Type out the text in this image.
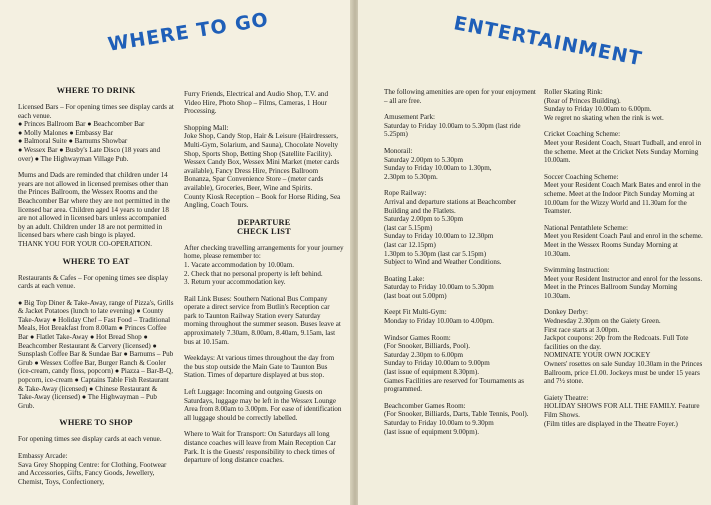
WHERE TO GO
WHERE TO DRINK

Licensed Bars – For opening times see display cards at each venue.
● Princes Ballroom Bar ● Beachcomber Bar
● Molly Malones ● Embassy Bar
● Balmoral Suite ● Barnums Showbar
● Wessex Bar ● Busby's Late Disco (18 years and over) ● The Highwayman Village Pub.

Mums and Dads are reminded that children under 14 years are not allowed in licensed premises other than the Princes Ballroom, the Wessex Rooms and the Beachcomber Bar where they are not permitted in the licensed bar area. Children aged 14 years to under 18 are not allowed in licensed bars unless accompanied by an adult. Children under 18 are not permitted in licensed bars where cash bingo is played.
THANK YOU FOR YOUR CO-OPERATION.

WHERE TO EAT

Restaurants & Cafes – For opening times see display cards at each venue.

● Big Top Diner & Take-Away, range of Pizza's, Grills & Jacket Potatoes (lunch to late evening) ● County Take-Away ● Holiday Chef – Fast Food – Traditional Meals, Hot Breakfast from 8.00am ● Princes Coffee Bar ● Flatlet Take-Away ● Hot Bread Shop ● Beachcomber Restaurant & Carvery (licensed) ● Sunsplash Coffee Bar & Sundae Bar ● Barnums – Pub Grub ● Wessex Coffee Bar, Burger Ranch & Cooler (ice-cream, candy floss, popcorn) ● Piazza – Bar-B-Q, popcorn, ice-cream ● Captains Table Fish Restaurant & Take-Away (licensed) ● Chinese Restaurant & Take-Away (licensed) ● The Highwayman – Pub Grub.

WHERE TO SHOP

For opening times see display cards at each venue.

Embassy Arcade:
Sava Grey Shopping Centre: for Clothing, Footwear and Accessories, Gifts, Fancy Goods, Jewellery, Chemist, Toys, Confectionery,

Furry Friends, Electrical and Audio Shop, T.V. and Video Hire, Photo Shop – Films, Cameras, 1 Hour Processing.

Shopping Mall:
Joke Shop, Candy Stop, Hair & Leisure (Hairdressers, Multi-Gym, Solarium, and Sauna), Chocolate Novelty Shop, Sports Shop, Betting Shop (Satellite Facility). Wessex Candy Box, Wessex Mini Market (meter cards available), Fancy Dress Hire, Princes Ballroom Bonanza, Spar Convenience Store – (meter cards available), Groceries, Beer, Wine and Spirits.
County Kiosk Reception – Book for Horse Riding, Sea Angling, Coach Tours.

DEPARTURE
CHECK LIST

After checking travelling arrangements for your journey home, please remember to:
1. Vacate accommodation by 10.00am.
2. Check that no personal property is left behind.
3. Return your accommodation key.

Rail Link Buses: Southern National Bus Company operate a direct service from Butlin's Reception car park to Taunton Railway Station every Saturday morning throughout the summer season. Buses leave at approximately 7.30am, 8.00am, 8.40am, 9.15am, last bus at 10.15am.

Weekdays: At various times throughout the day from the bus stop outside the Main Gate to Taunton Bus Station. Times of departure displayed at bus stop.

Left Luggage: Incoming and outgoing Guests on Saturdays, luggage may be left in the Wessex Lounge Area from 8.00am to 3.00pm. For ease of identification all luggage should be correctly labelled.

Where to Wait for Transport: On Saturdays all long distance coaches will leave from Main Reception Car Park. It is the Guests' responsibility to check times of departure of long distance coaches.

ENTERTAINMENT

The following amenities are open for your enjoyment – all are free.

Amusement Park:
Saturday to Friday 10.00am to 5.30pm (last ride 5.25pm)

Monorail:
Saturday 2.00pm to 5.30pm
Sunday to Friday 10.00am to 1.30pm,
2.30pm to 5.30pm.

Rope Railway:
Arrival and departure stations at Beachcomber Building and the Flatlets.
Saturday 2.00pm to 5.30pm
(last car 5.15pm)
Sunday to Friday 10.00am to 12.30pm
(last car 12.15pm)
1.30pm to 5.30pm (last car 5.15pm)
Subject to Wind and Weather Conditions.

Boating Lake:
Saturday to Friday 10.00am to 5.30pm
(last boat out 5.00pm)

Keept Fit Multi-Gym:
Monday to Friday 10.00am to 4.00pm.

Windsor Games Room:
(For Snooker, Billiards, Pool).
Saturday 2.30pm to 6.00pm
Sunday to Friday 10.00am to 9.00pm
(last issue of equipment 8.30pm).
Games Facilities are reserved for Tournaments as programmed.

Beachcomber Games Room:
(For Snooker, Billiards, Darts, Table Tennis, Pool).
Saturday to Friday 10.00am to 9.30pm
(last issue of equipment 9.00pm).

Roller Skating Rink:
(Rear of Princes Building).
Sunday to Friday 10.00am to 6.00pm.
We regret no skating when the rink is wet.

Cricket Coaching Scheme:
Meet your Resident Coach, Stuart Tudball, and enrol in the scheme. Meet at the Cricket Nets Sunday Morning 10.00am.

Soccer Coaching Scheme:
Meet your Resident Coach Mark Bates and enrol in the scheme. Meet at the Indoor Pitch Sunday Morning at 10.00am for the Wizzy World and 11.30am for the Teamster.

National Pentathlete Scheme:
Meet you Resident Coach Paul and enrol in the scheme. Meet in the Wessex Rooms Sunday Morning at 10.30am.

Swimming Instruction:
Meet your Resident Instructor and enrol for the lessons. Meet in the Princes Ballroom Sunday Morning 10.30am.

Donkey Derby:
Wednesday 2.30pm on the Gaiety Green.
First race starts at 3.00pm.
Jackpot coupons: 20p from the Redcoats. Full Tote facilities on the day.
NOMINATE YOUR OWN JOCKEY
Owners' rosettes on sale Sunday 10.30am in the Princes Ballroom, price £1.00. Jockeys must be under 15 years and 7½ stone.

Gaiety Theatre:
HOLIDAY SHOWS FOR ALL THE FAMILY. Feature Film Shows.
(Film titles are displayed in the Theatre Foyer.)
